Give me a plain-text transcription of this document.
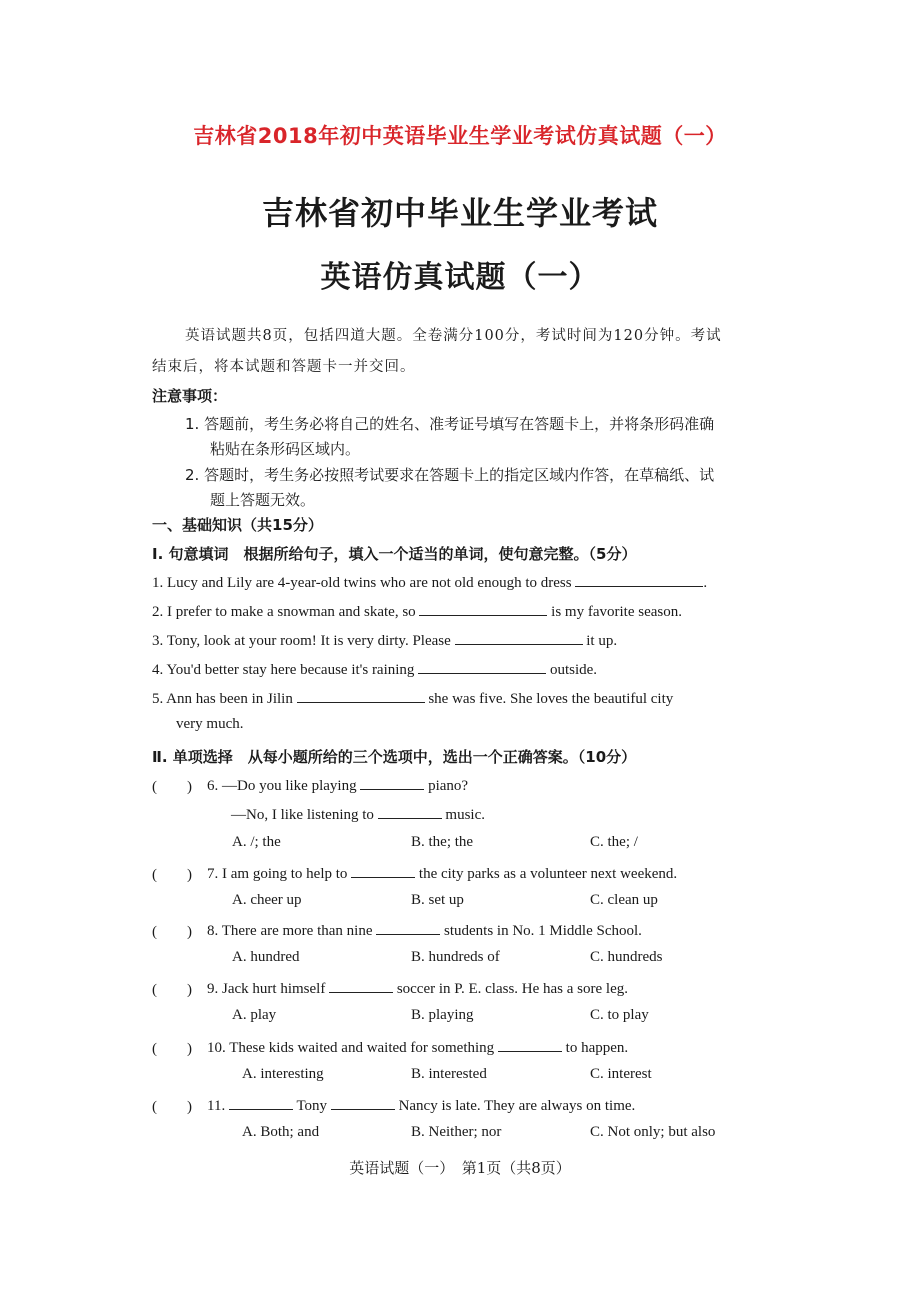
吉林省2018年初中英语毕业生学业考试仿真试题（一）
吉林省初中毕业生学业考试
英语仿真试题（一）
英语试题共8页，包括四道大题。全卷满分100分，考试时间为120分钟。考试
结束后，将本试题和答题卡一并交回。
注意事项：
1. 答题前，考生务必将自己的姓名、准考证号填写在答题卡上，并将条形码准确
粘贴在条形码区域内。
2. 答题时，考生务必按照考试要求在答题卡上的指定区域内作答，在草稿纸、试
题上答题无效。
一、基础知识（共15分）
Ⅰ. 句意填词　根据所给句子，填入一个适当的单词，使句意完整。（5分）
1. Lucy and Lily are 4-year-old twins who are not old enough to dress	.
2. I prefer to make a snowman and skate, so	is my favorite season.
3. Tony, look at your room! It is very dirty. Please	it up.
4. You'd better stay here because it's raining	outside.
5. Ann has been in Jilin	she was five. She loves the beautiful city
very much.
Ⅱ. 单项选择　从每小题所给的三个选项中，选出一个正确答案。（10分）
(　　) 6. —Do you like playing	piano?
—No, I like listening to	music.
A. /; the	B. the; the	C. the; /
(　　) 7. I am going to help to	the city parks as a volunteer next weekend.
A. cheer up	B. set up	C. clean up
(　　) 8. There are more than nine	students in No. 1 Middle School.
A. hundred	B. hundreds of	C. hundreds
(　　) 9. Jack hurt himself	soccer in P. E. class. He has a sore leg.
A. play	B. playing	C. to play
(　　) 10. These kids waited and waited for something	to happen.
A. interesting	B. interested	C. interest
(　　) 11.	Tony	Nancy is late. They are always on time.
A. Both; and	B. Neither; nor	C. Not only; but also
英语试题（一）　第1页（共8页）
